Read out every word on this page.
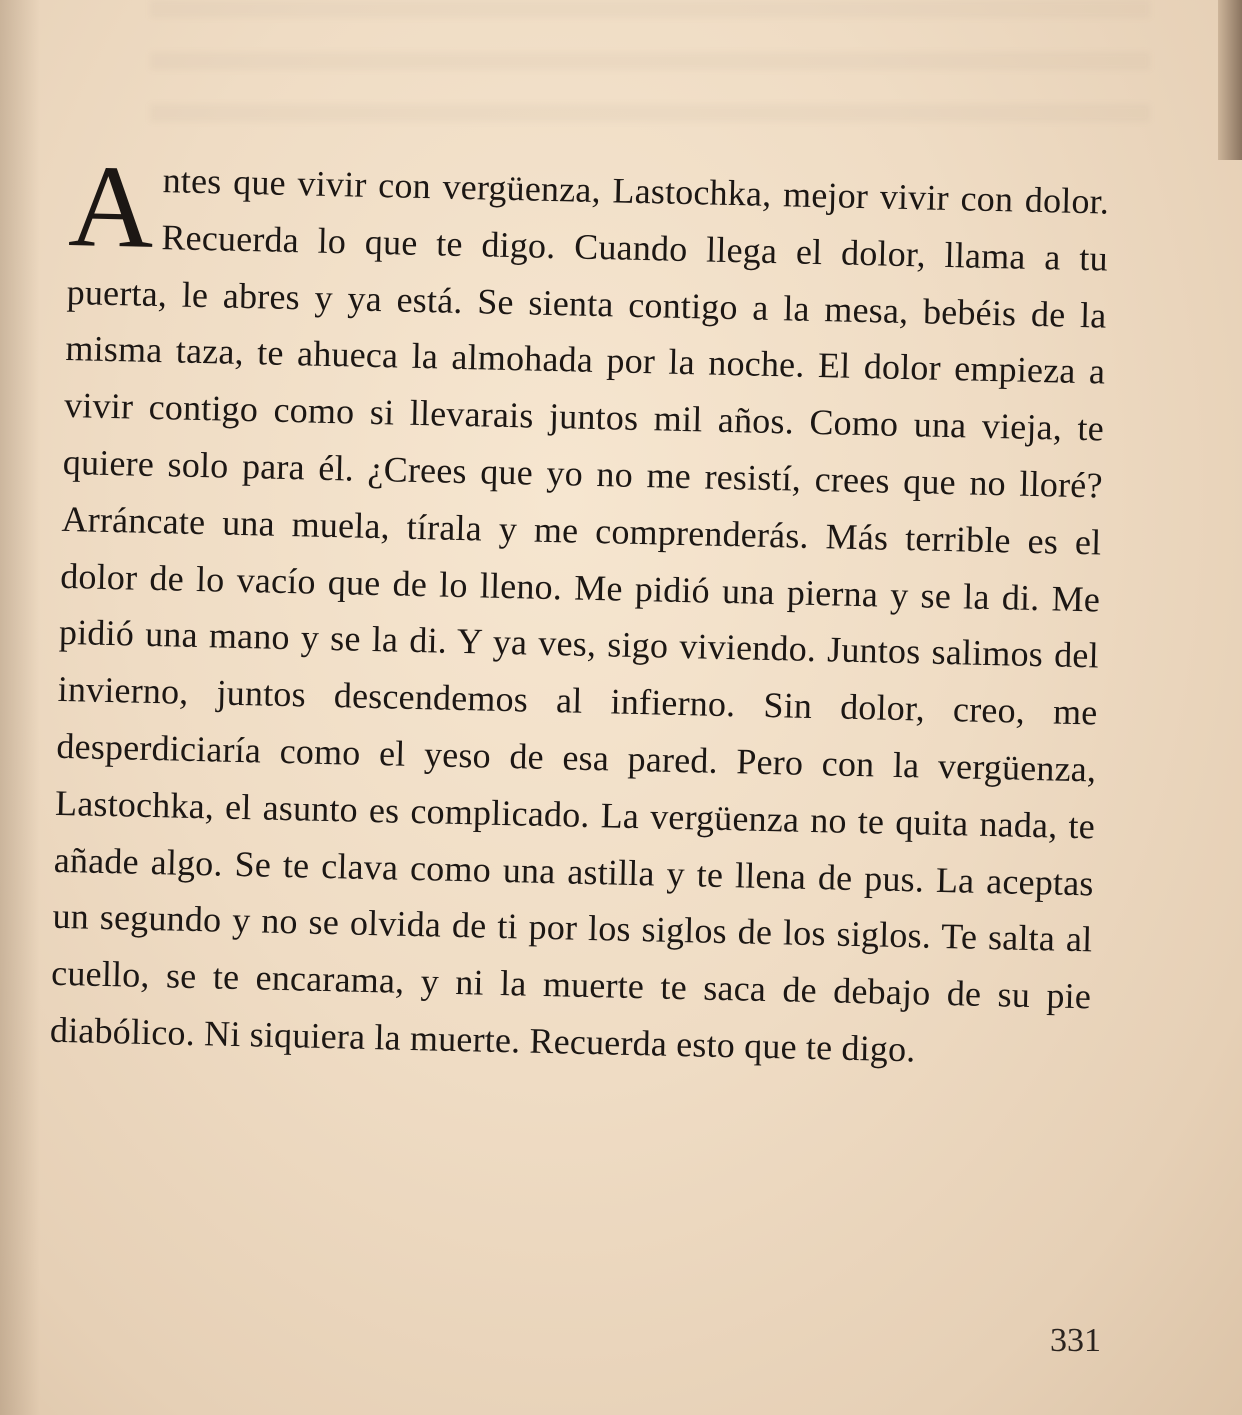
Antes que vivir con vergüenza, Lastochka, mejor vivir con dolor. Recuerda lo que te digo. Cuando llega el dolor, llama a tu puerta, le abres y ya está. Se sienta contigo a la mesa, bebéis de la misma taza, te ahueca la almohada por la noche. El dolor empieza a vivir contigo como si llevarais juntos mil años. Como una vieja, te quiere solo para él. ¿Crees que yo no me resistí, crees que no lloré? Arráncate una muela, tírala y me comprenderás. Más terrible es el dolor de lo vacío que de lo lleno. Me pidió una pierna y se la di. Me pidió una mano y se la di. Y ya ves, sigo viviendo. Juntos salimos del invierno, juntos descendemos al infierno. Sin dolor, creo, me desperdiciaría como el yeso de esa pared. Pero con la vergüenza, Lastochka, el asunto es complicado. La vergüenza no te quita nada, te añade algo. Se te clava como una astilla y te llena de pus. La aceptas un segundo y no se olvida de ti por los siglos de los siglos. Te salta al cuello, se te encarama, y ni la muerte te saca de debajo de su pie diabólico. Ni siquiera la muerte. Recuerda esto que te digo.

331
